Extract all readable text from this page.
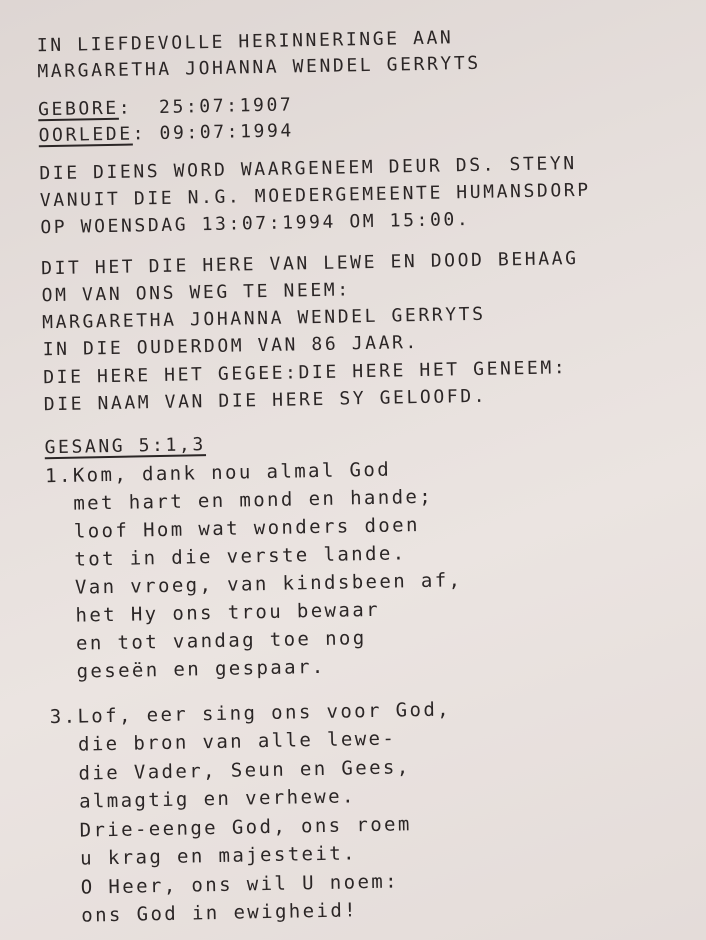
IN LIEFDEVOLLE HERINNERINGE AAN
MARGARETHA JOHANNA WENDEL GERRYTS
GEBORE:  25:07:1907
OORLEDE: 09:07:1994
DIE DIENS WORD WAARGENEEM DEUR DS. STEYN
VANUIT DIE N.G. MOEDERGEMEENTE HUMANSDORP
OP WOENSDAG 13:07:1994 OM 15:00.
DIT HET DIE HERE VAN LEWE EN DOOD BEHAAG
OM VAN ONS WEG TE NEEM:
MARGARETHA JOHANNA WENDEL GERRYTS
IN DIE OUDERDOM VAN 86 JAAR.
DIE HERE HET GEGEE:DIE HERE HET GENEEM:
DIE NAAM VAN DIE HERE SY GELOOFD.
GESANG 5:1,3
1.Kom, dank nou almal God
met hart en mond en hande;
loof Hom wat wonders doen
tot in die verste lande.
Van vroeg, van kindsbeen af,
het Hy ons trou bewaar
en tot vandag toe nog
geseën en gespaar.
3.Lof, eer sing ons voor God,
die bron van alle lewe-
die Vader, Seun en Gees,
almagtig en verhewe.
Drie-eenge God, ons roem
u krag en majesteit.
O Heer, ons wil U noem:
ons God in ewigheid!
